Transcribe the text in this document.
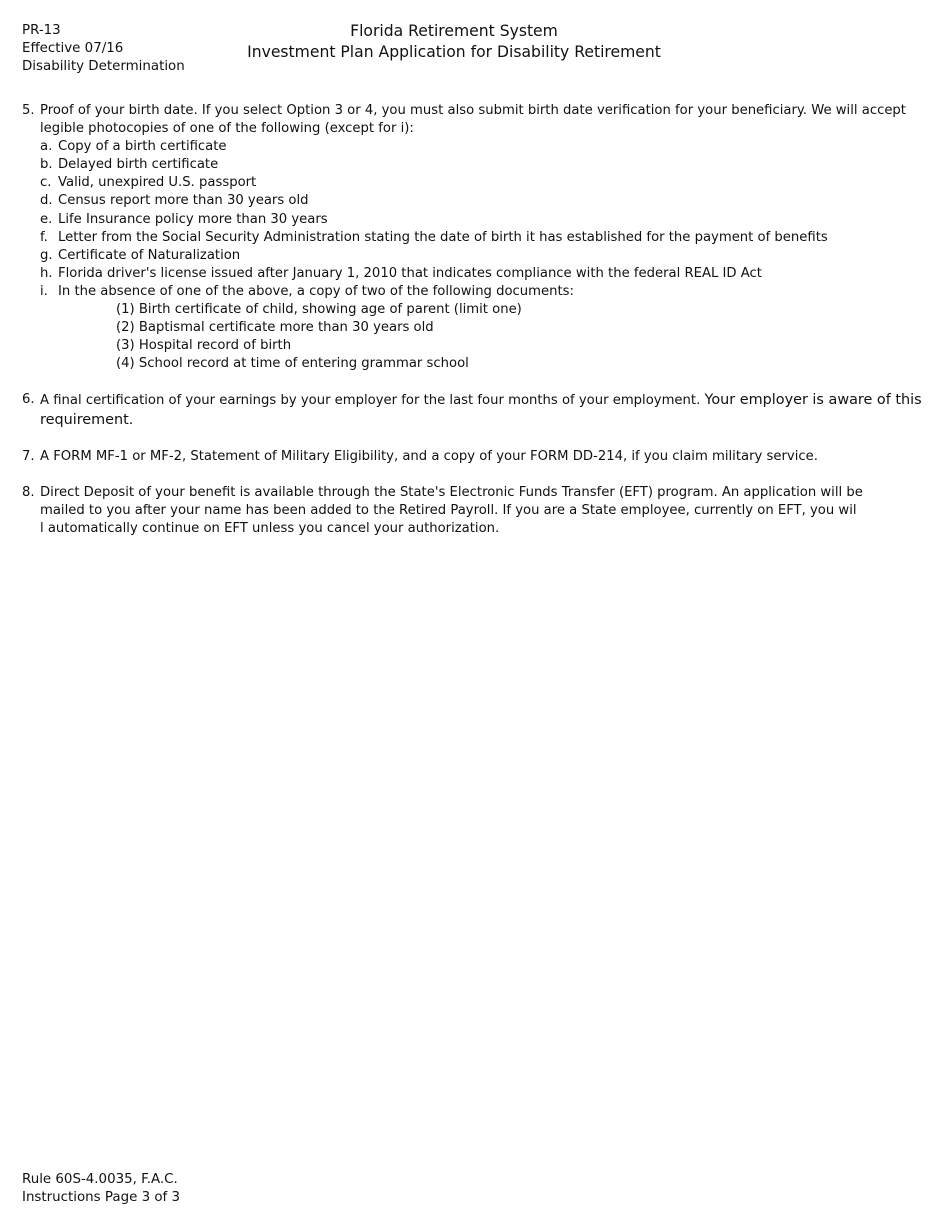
PR-13
Effective 07/16
Disability Determination
Florida Retirement System
Investment Plan Application for Disability Retirement
5. Proof of your birth date. If you select Option 3 or 4, you must also submit birth date verification for your beneficiary. We will accept legible photocopies of one of the following (except for i):
a. Copy of a birth certificate
b. Delayed birth certificate
c. Valid, unexpired U.S. passport
d. Census report more than 30 years old
e. Life Insurance policy more than 30 years
f. Letter from the Social Security Administration stating the date of birth it has established for the payment of benefits
g. Certificate of Naturalization
h. Florida driver's license issued after January 1, 2010 that indicates compliance with the federal REAL ID Act
i. In the absence of one of the above, a copy of two of the following documents:
(1) Birth certificate of child, showing age of parent (limit one)
(2) Baptismal certificate more than 30 years old
(3) Hospital record of birth
(4) School record at time of entering grammar school
6. A final certification of your earnings by your employer for the last four months of your employment. Your employer is aware of this requirement.
7. A FORM MF-1 or MF-2, Statement of Military Eligibility, and a copy of your FORM DD-214, if you claim military service.
8. Direct Deposit of your benefit is available through the State's Electronic Funds Transfer (EFT) program. An application will be
mailed to you after your name has been added to the Retired Payroll. If you are a State employee, currently on EFT, you wil
l automatically continue on EFT unless you cancel your authorization.
Rule 60S-4.0035, F.A.C.
Instructions Page 3 of 3
